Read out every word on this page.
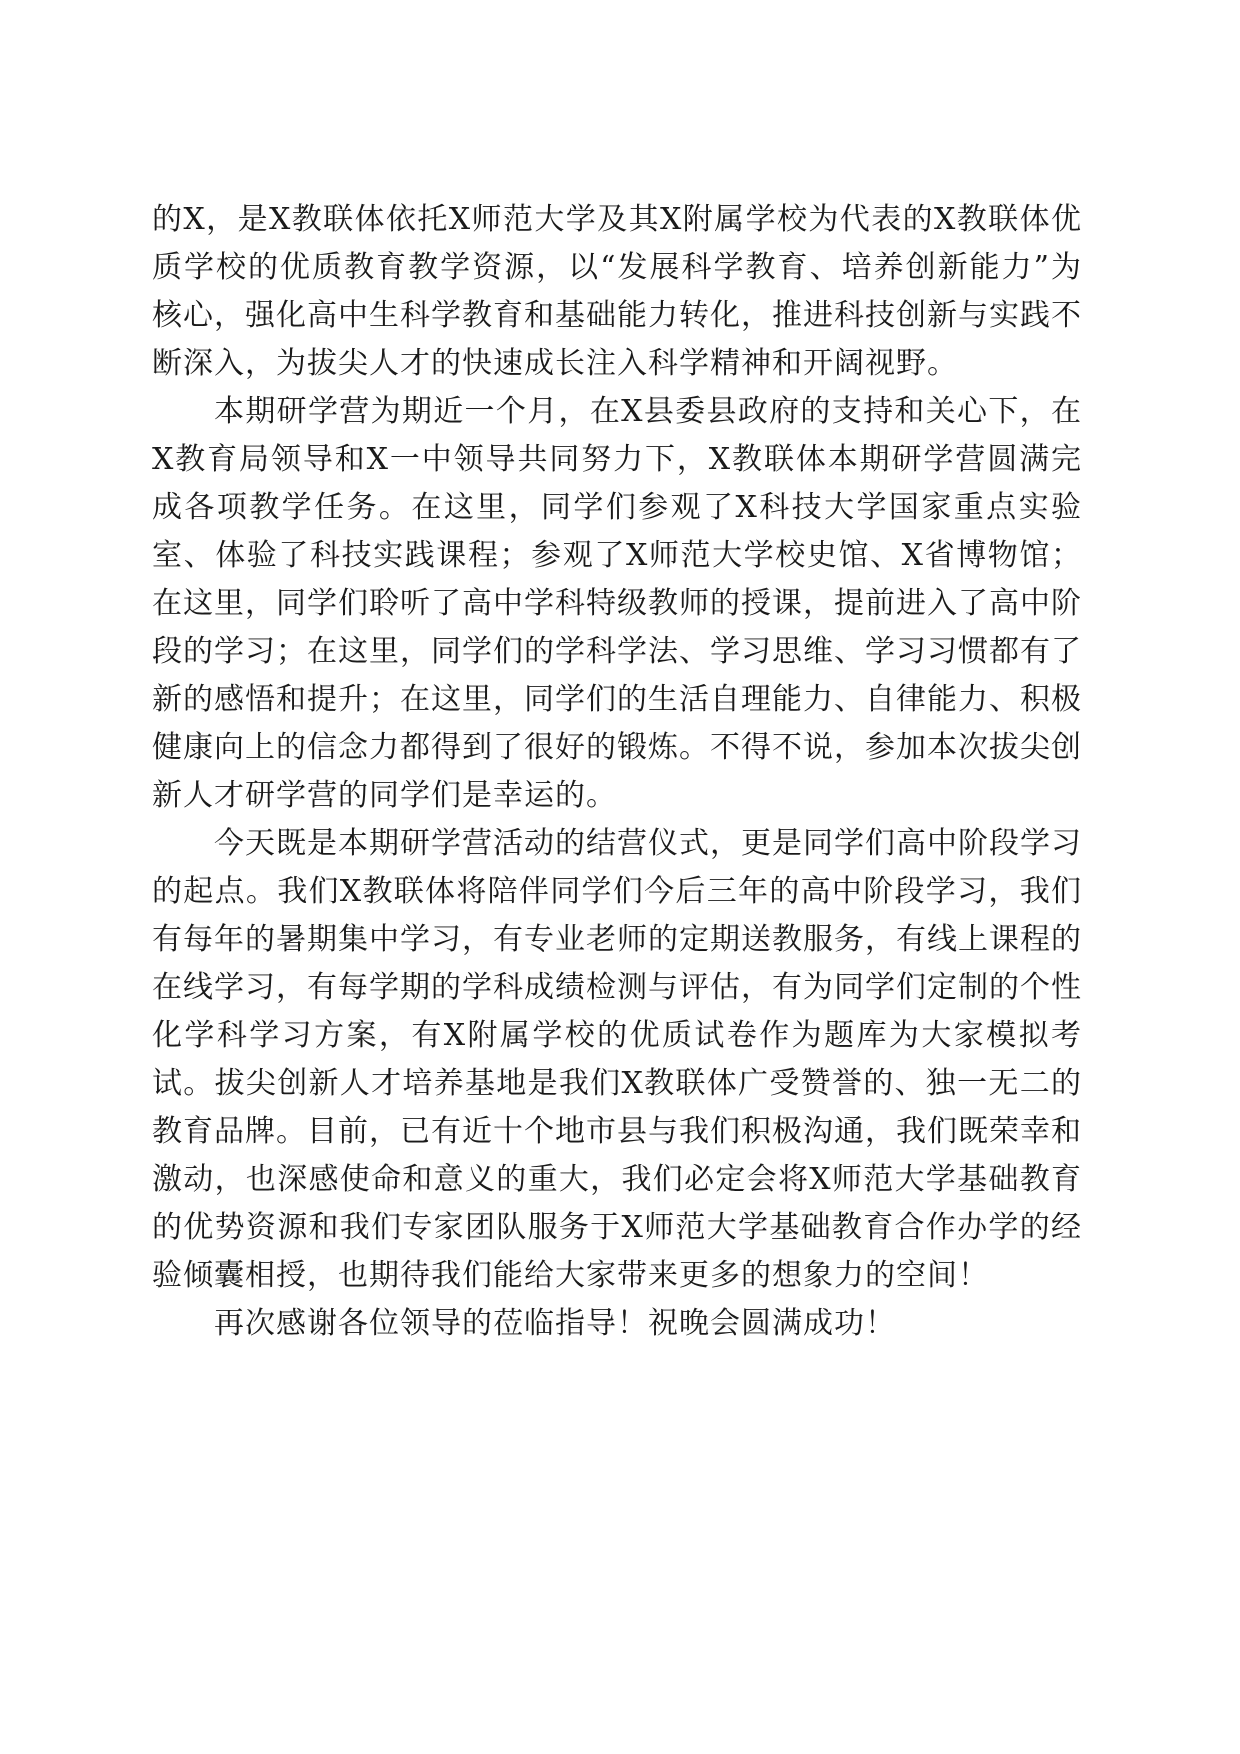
的X，是X教联体依托X师范大学及其X附属学校为代表的X教联体优质学校的优质教育教学资源，以“发展科学教育、培养创新能力”为核心，强化高中生科学教育和基础能力转化，推进科技创新与实践不断深入，为拔尖人才的快速成长注入科学精神和开阔视野。

本期研学营为期近一个月，在X县委县政府的支持和关心下，在X教育局领导和X一中领导共同努力下，X教联体本期研学营圆满完成各项教学任务。在这里，同学们参观了X科技大学国家重点实验室、体验了科技实践课程；参观了X师范大学校史馆、X省博物馆；在这里，同学们聆听了高中学科特级教师的授课，提前进入了高中阶段的学习；在这里，同学们的学科学法、学习思维、学习习惯都有了新的感悟和提升；在这里，同学们的生活自理能力、自律能力、积极健康向上的信念力都得到了很好的锻炼。不得不说，参加本次拔尖创新人才研学营的同学们是幸运的。

今天既是本期研学营活动的结营仪式，更是同学们高中阶段学习的起点。我们X教联体将陪伴同学们今后三年的高中阶段学习，我们有每年的暑期集中学习，有专业老师的定期送教服务，有线上课程的在线学习，有每学期的学科成绩检测与评估，有为同学们定制的个性化学科学习方案，有X附属学校的优质试卷作为题库为大家模拟考试。拔尖创新人才培养基地是我们X教联体广受赞誉的、独一无二的教育品牌。目前，已有近十个地市县与我们积极沟通，我们既荣幸和激动，也深感使命和意义的重大，我们必定会将X师范大学基础教育的优势资源和我们专家团队服务于X师范大学基础教育合作办学的经验倾囊相授，也期待我们能给大家带来更多的想象力的空间！

再次感谢各位领导的莅临指导！祝晚会圆满成功！
